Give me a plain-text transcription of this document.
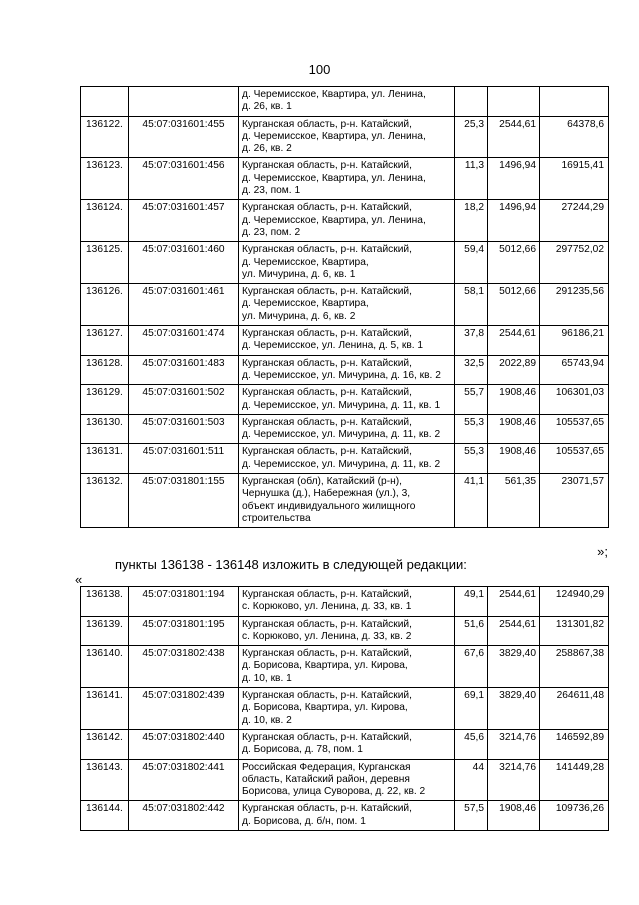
100
		д. Черемисское, Квартира, ул. Ленина,
д. 26, кв. 1			
136122.	45:07:031601:455	Курганская область, р-н. Катайский,
д. Черемисское, Квартира, ул. Ленина,
д. 26, кв. 2	25,3	2544,61	64378,6
136123.	45:07:031601:456	Курганская область, р-н. Катайский,
д. Черемисское, Квартира, ул. Ленина,
д. 23, пом. 1	11,3	1496,94	16915,41
136124.	45:07:031601:457	Курганская область, р-н. Катайский,
д. Черемисское, Квартира, ул. Ленина,
д. 23, пом. 2	18,2	1496,94	27244,29
136125.	45:07:031601:460	Курганская область, р-н. Катайский,
д. Черемисское, Квартира,
ул. Мичурина, д. 6, кв. 1	59,4	5012,66	297752,02
136126.	45:07:031601:461	Курганская область, р-н. Катайский,
д. Черемисское, Квартира,
ул. Мичурина, д. 6, кв. 2	58,1	5012,66	291235,56
136127.	45:07:031601:474	Курганская область, р-н. Катайский,
д. Черемисское, ул. Ленина, д. 5, кв. 1	37,8	2544,61	96186,21
136128.	45:07:031601:483	Курганская область, р-н. Катайский,
д. Черемисское, ул. Мичурина, д. 16, кв. 2	32,5	2022,89	65743,94
136129.	45:07:031601:502	Курганская область, р-н. Катайский,
д. Черемисское, ул. Мичурина, д. 11, кв. 1	55,7	1908,46	106301,03
136130.	45:07:031601:503	Курганская область, р-н. Катайский,
д. Черемисское, ул. Мичурина, д. 11, кв. 2	55,3	1908,46	105537,65
136131.	45:07:031601:511	Курганская область, р-н. Катайский,
д. Черемисское, ул. Мичурина, д. 11, кв. 2	55,3	1908,46	105537,65
136132.	45:07:031801:155	Курганская (обл), Катайский (р-н),
Чернушка (д.), Набережная (ул.), 3,
объект индивидуального жилищного
строительства	41,1	561,35	23071,57
»;
пункты 136138 - 136148 изложить в следующей редакции:
«
136138.	45:07:031801:194	Курганская область, р-н. Катайский,
с. Корюково, ул. Ленина, д. 33, кв. 1	49,1	2544,61	124940,29
136139.	45:07:031801:195	Курганская область, р-н. Катайский,
с. Корюково, ул. Ленина, д. 33, кв. 2	51,6	2544,61	131301,82
136140.	45:07:031802:438	Курганская область, р-н. Катайский,
д. Борисова, Квартира, ул. Кирова,
д. 10, кв. 1	67,6	3829,40	258867,38
136141.	45:07:031802:439	Курганская область, р-н. Катайский,
д. Борисова, Квартира, ул. Кирова,
д. 10, кв. 2	69,1	3829,40	264611,48
136142.	45:07:031802:440	Курганская область, р-н. Катайский,
д. Борисова, д. 78, пом. 1	45,6	3214,76	146592,89
136143.	45:07:031802:441	Российская Федерация, Курганская
область, Катайский район, деревня
Борисова, улица Суворова, д. 22, кв. 2	44	3214,76	141449,28
136144.	45:07:031802:442	Курганская область, р-н. Катайский,
д. Борисова, д. б/н, пом. 1	57,5	1908,46	109736,26
